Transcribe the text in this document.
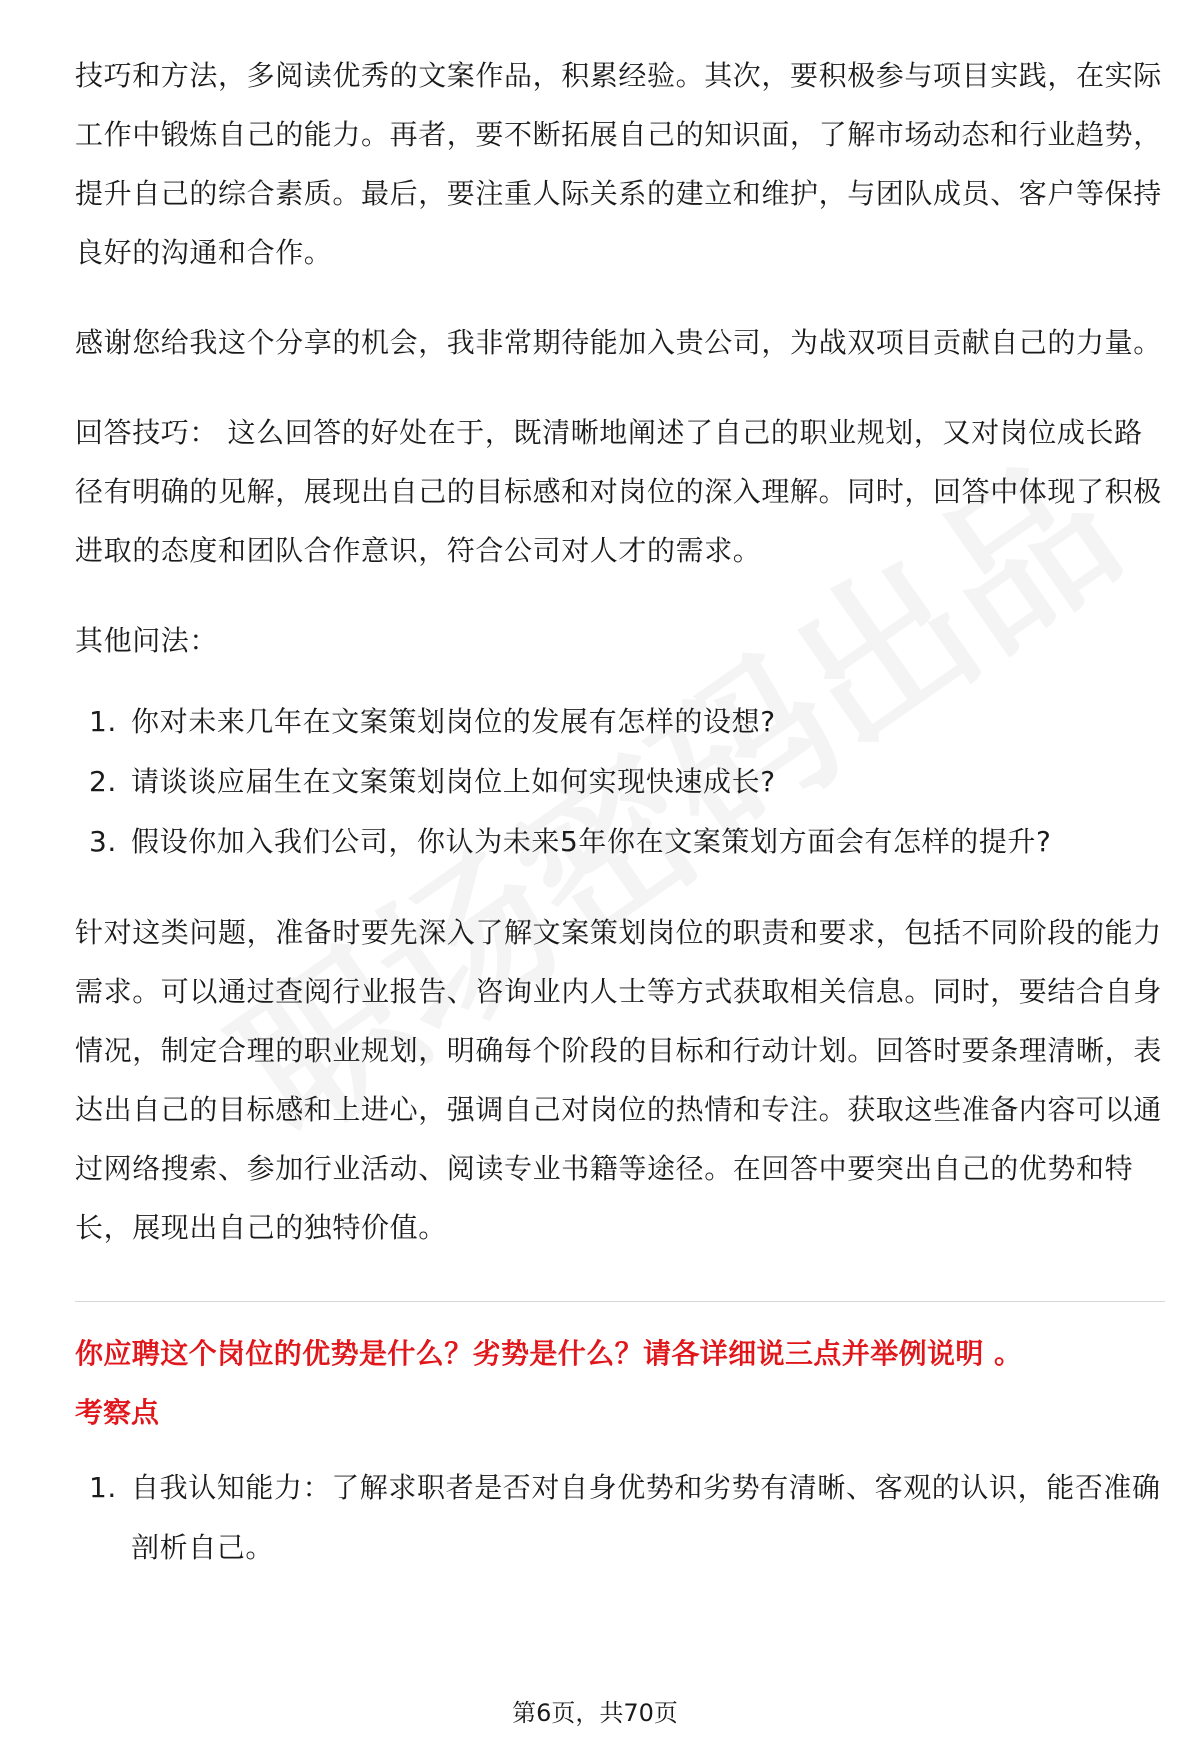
技巧和方法，多阅读优秀的文案作品，积累经验。其次，要积极参与项目实践，在实际工作中锻炼自己的能力。再者，要不断拓展自己的知识面，了解市场动态和行业趋势，提升自己的综合素质。最后，要注重人际关系的建立和维护，与团队成员、客户等保持良好的沟通和合作。

感谢您给我这个分享的机会，我非常期待能加入贵公司，为战双项目贡献自己的力量。

回答技巧： 这么回答的好处在于，既清晰地阐述了自己的职业规划，又对岗位成长路径有明确的见解，展现出自己的目标感和对岗位的深入理解。同时，回答中体现了积极进取的态度和团队合作意识，符合公司对人才的需求。

其他问法：

1. 你对未来几年在文案策划岗位的发展有怎样的设想?
2. 请谈谈应届生在文案策划岗位上如何实现快速成长?
3. 假设你加入我们公司，你认为未来5年你在文案策划方面会有怎样的提升?

针对这类问题，准备时要先深入了解文案策划岗位的职责和要求，包括不同阶段的能力需求。可以通过查阅行业报告、咨询业内人士等方式获取相关信息。同时，要结合自身情况，制定合理的职业规划，明确每个阶段的目标和行动计划。回答时要条理清晰，表达出自己的目标感和上进心，强调自己对岗位的热情和专注。获取这些准备内容可以通过网络搜索、参加行业活动、阅读专业书籍等途径。在回答中要突出自己的优势和特长，展现出自己的独特价值。

你应聘这个岗位的优势是什么？劣势是什么？请各详细说三点并举例说明 。

考察点

1. 自我认知能力：了解求职者是否对自身优势和劣势有清晰、客观的认识，能否准确剖析自己。
第6页，共70页
